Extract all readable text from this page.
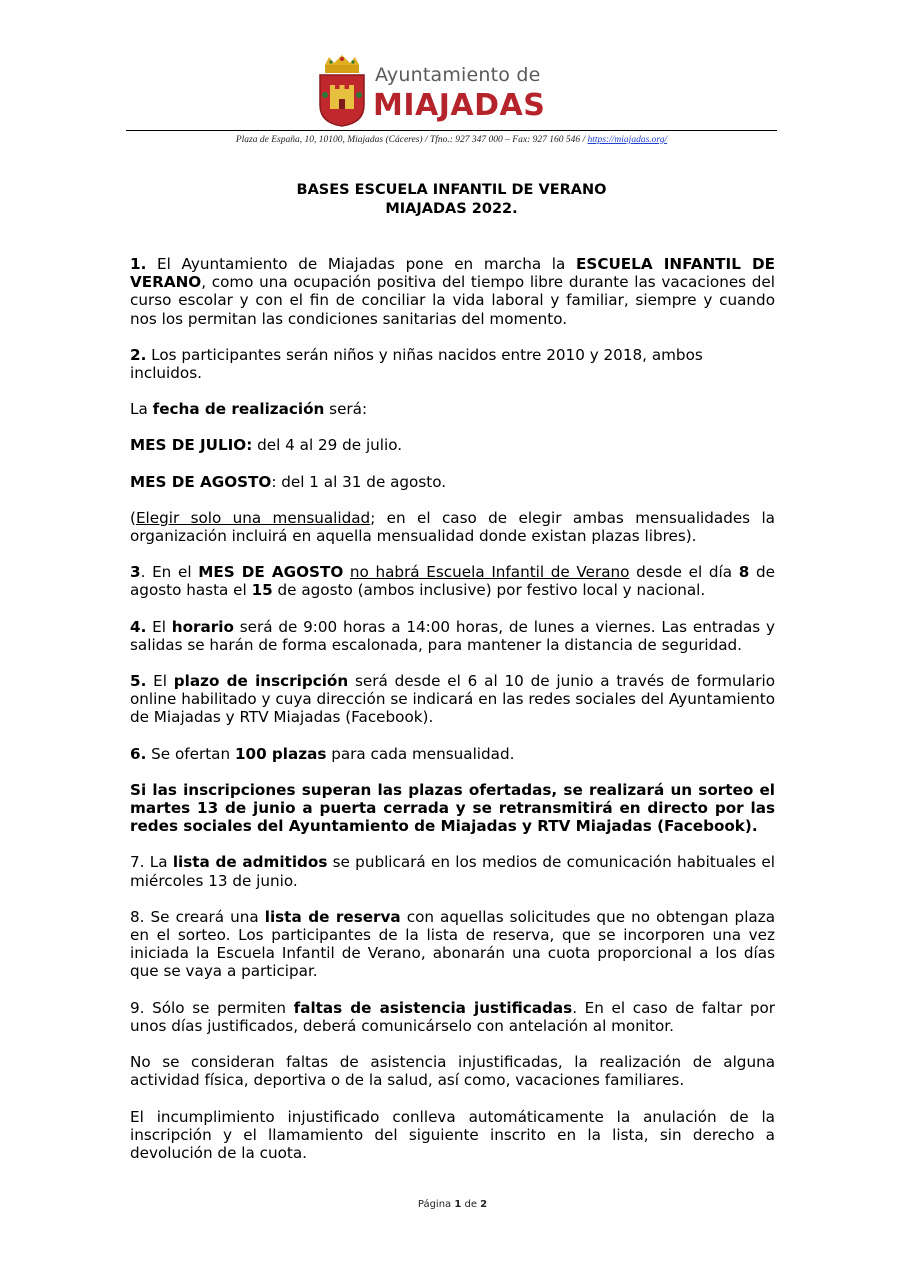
Ayuntamiento de
MIAJADAS
Plaza de España, 10, 10100, Miajadas (Cáceres) / Tfno.: 927 347 000 – Fax: 927 160 546 / https://miajadas.org/
BASES ESCUELA INFANTIL DE VERANO
MIAJADAS 2022.

1. El Ayuntamiento de Miajadas pone en marcha la ESCUELA INFANTIL DE VERANO, como una ocupación positiva del tiempo libre durante las vacaciones del curso escolar y con el fin de conciliar la vida laboral y familiar, siempre y cuando nos los permitan las condiciones sanitarias del momento.

2. Los participantes serán niños y niñas nacidos entre 2010 y 2018, ambos incluidos.

La fecha de realización será:

MES DE JULIO: del 4 al 29 de julio.

MES DE AGOSTO: del 1 al 31 de agosto.

(Elegir solo una mensualidad; en el caso de elegir ambas mensualidades la organización incluirá en aquella mensualidad donde existan plazas libres).

3. En el MES DE AGOSTO no habrá Escuela Infantil de Verano desde el día 8 de agosto hasta el 15 de agosto (ambos inclusive) por festivo local y nacional.

4. El horario será de 9:00 horas a 14:00 horas, de lunes a viernes. Las entradas y salidas se harán de forma escalonada, para mantener la distancia de seguridad.

5. El plazo de inscripción será desde el 6 al 10 de junio a través de formulario online habilitado y cuya dirección se indicará en las redes sociales del Ayuntamiento de Miajadas y RTV Miajadas (Facebook).

6. Se ofertan 100 plazas para cada mensualidad.

Si las inscripciones superan las plazas ofertadas, se realizará un sorteo el martes 13 de junio a puerta cerrada y se retransmitirá en directo por las redes sociales del Ayuntamiento de Miajadas y RTV Miajadas (Facebook).

7. La lista de admitidos se publicará en los medios de comunicación habituales el miércoles 13 de junio.

8. Se creará una lista de reserva con aquellas solicitudes que no obtengan plaza en el sorteo. Los participantes de la lista de reserva, que se incorporen una vez iniciada la Escuela Infantil de Verano, abonarán una cuota proporcional a los días que se vaya a participar.

9. Sólo se permiten faltas de asistencia justificadas. En el caso de faltar por unos días justificados, deberá comunicárselo con antelación al monitor.

No se consideran faltas de asistencia injustificadas, la realización de alguna actividad física, deportiva o de la salud, así como, vacaciones familiares.

El incumplimiento injustificado conlleva automáticamente la anulación de la inscripción y el llamamiento del siguiente inscrito en la lista, sin derecho a devolución de la cuota.

Página 1 de 2
